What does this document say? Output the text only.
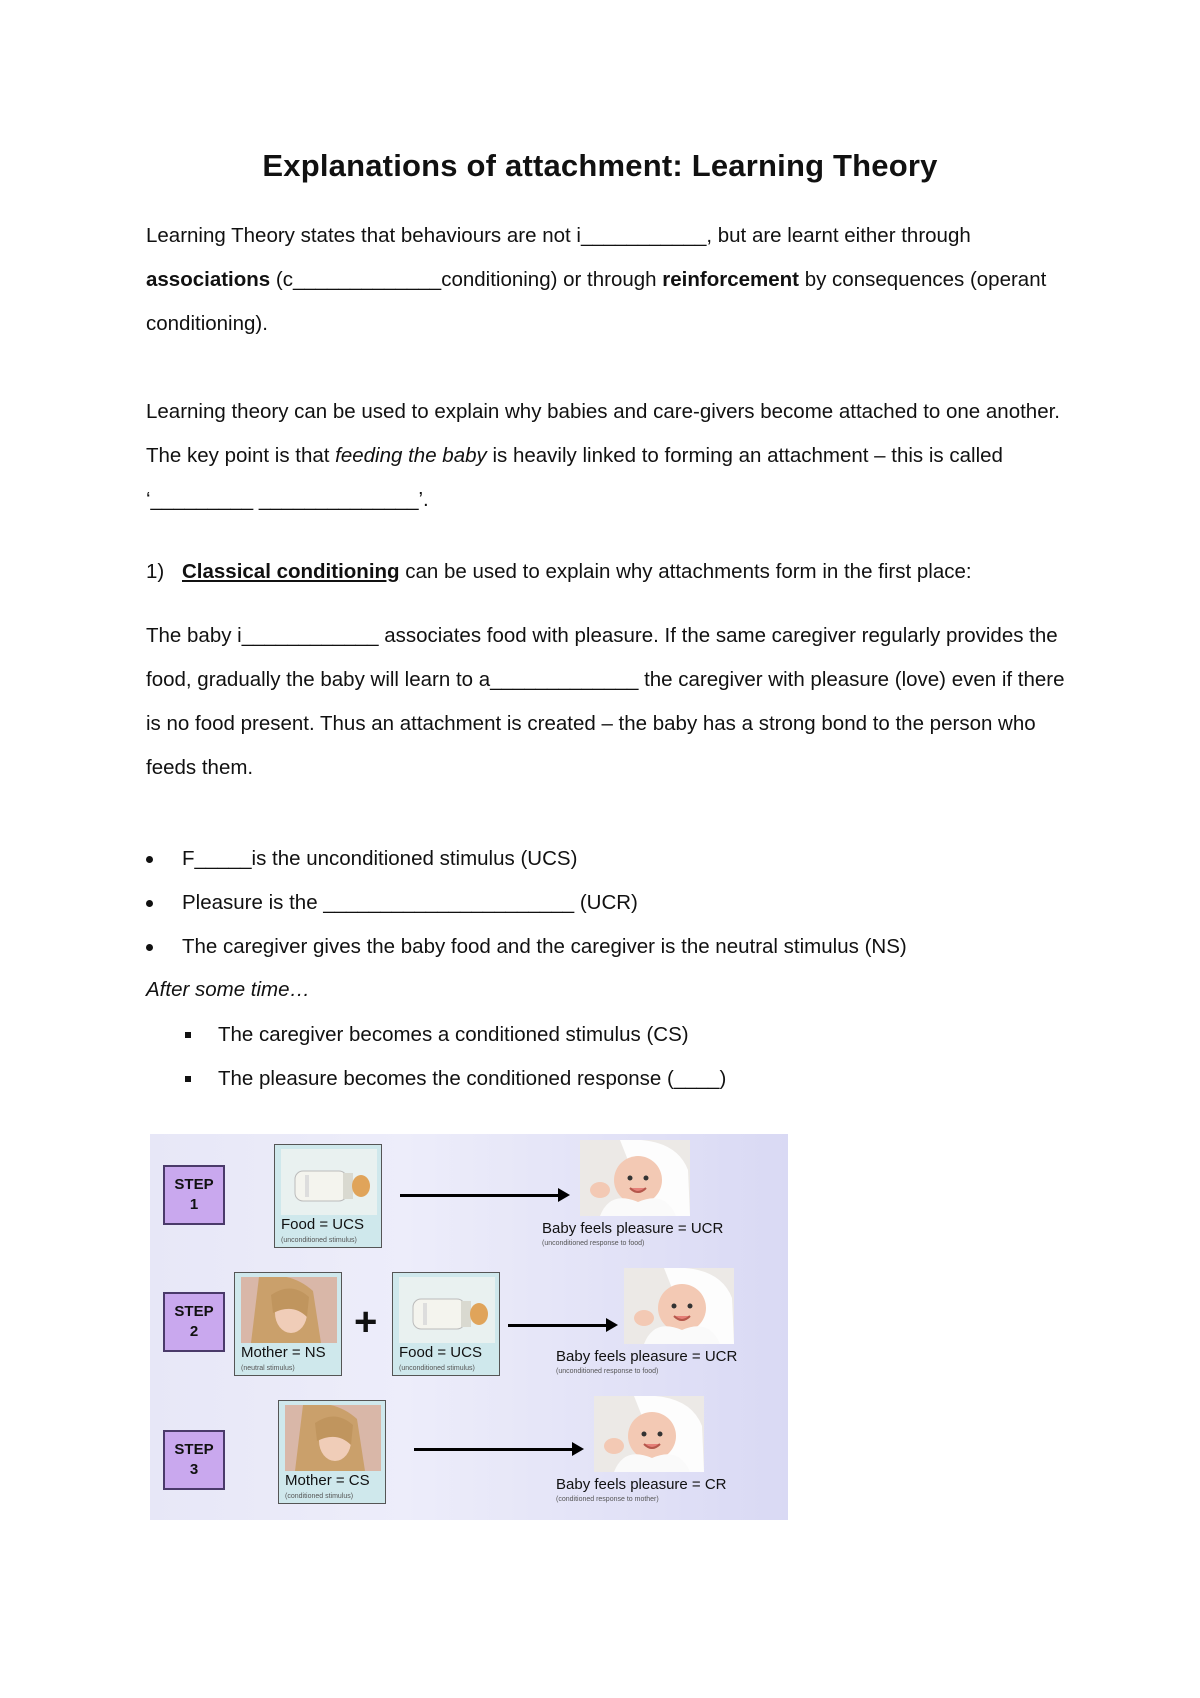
Explanations of attachment: Learning Theory
Learning Theory states that behaviours are not i___________, but are learnt either through associations (c_____________conditioning) or through reinforcement by consequences (operant conditioning).
Learning theory can be used to explain why babies and care-givers become attached to one another. The key point is that feeding the baby is heavily linked to forming an attachment – this is called ‘_________ ______________’.
1) Classical conditioning can be used to explain why attachments form in the first place:
The baby i____________ associates food with pleasure. If the same caregiver regularly provides the food, gradually the baby will learn to a_____________ the caregiver with pleasure (love) even if there is no food present. Thus an attachment is created – the baby has a strong bond to the person who feeds them.
F_____is the unconditioned stimulus (UCS)
Pleasure is the ______________________ (UCR)
The caregiver gives the baby food and the caregiver is the neutral stimulus (NS)
After some time…
The caregiver becomes a conditioned stimulus (CS)
The pleasure becomes the conditioned response (____)
STEP
1
Food = UCS
(unconditioned stimulus)
Baby feels pleasure = UCR
(unconditioned response to food)
STEP
2
Mother = NS
(neutral stimulus)
+
Food = UCS
(unconditioned stimulus)
Baby feels pleasure = UCR
(unconditioned response to food)
STEP
3
Mother = CS
(conditioned stimulus)
Baby feels pleasure = CR
(conditioned response to mother)
